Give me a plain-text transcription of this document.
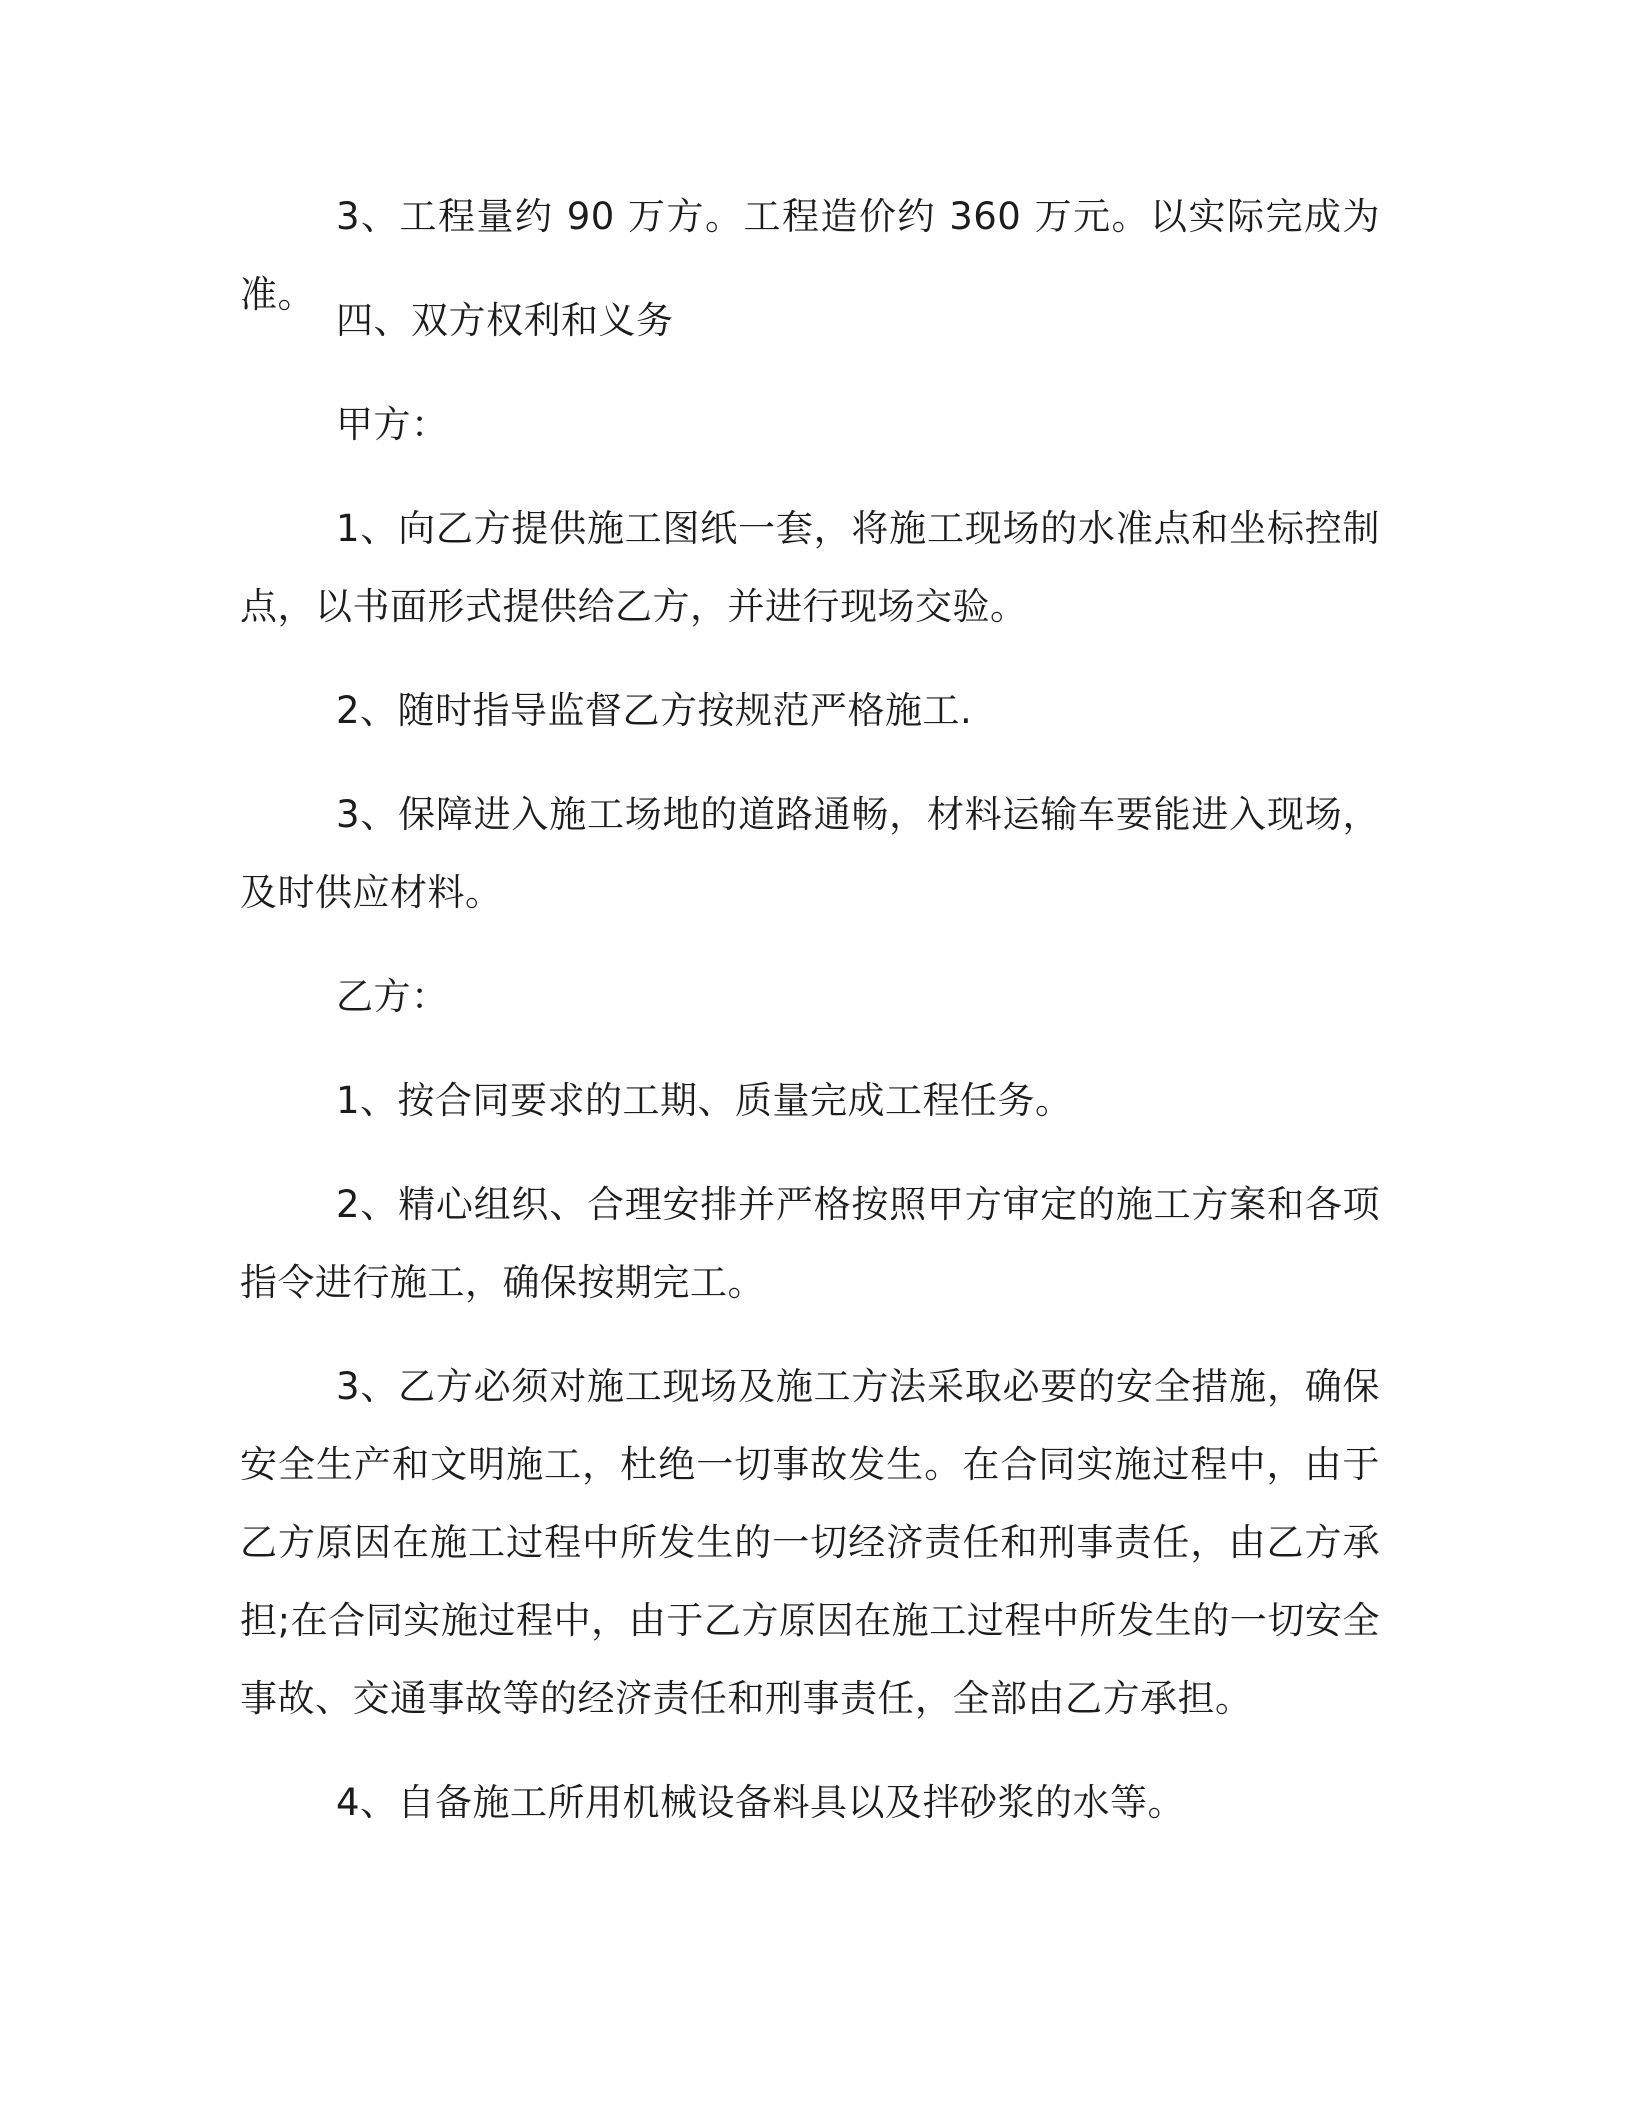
3、工程量约 90 万方。工程造价约 360 万元。以实际完成为准。

四、双方权利和义务

甲方：

1、向乙方提供施工图纸一套，将施工现场的水准点和坐标控制点，以书面形式提供给乙方，并进行现场交验。

2、随时指导监督乙方按规范严格施工.

3、保障进入施工场地的道路通畅，材料运输车要能进入现场，及时供应材料。

乙方：

1、按合同要求的工期、质量完成工程任务。

2、精心组织、合理安排并严格按照甲方审定的施工方案和各项指令进行施工，确保按期完工。

3、乙方必须对施工现场及施工方法采取必要的安全措施，确保安全生产和文明施工，杜绝一切事故发生。在合同实施过程中，由于乙方原因在施工过程中所发生的一切经济责任和刑事责任，由乙方承担;在合同实施过程中，由于乙方原因在施工过程中所发生的一切安全事故、交通事故等的经济责任和刑事责任，全部由乙方承担。

4、自备施工所用机械设备料具以及拌砂浆的水等。
